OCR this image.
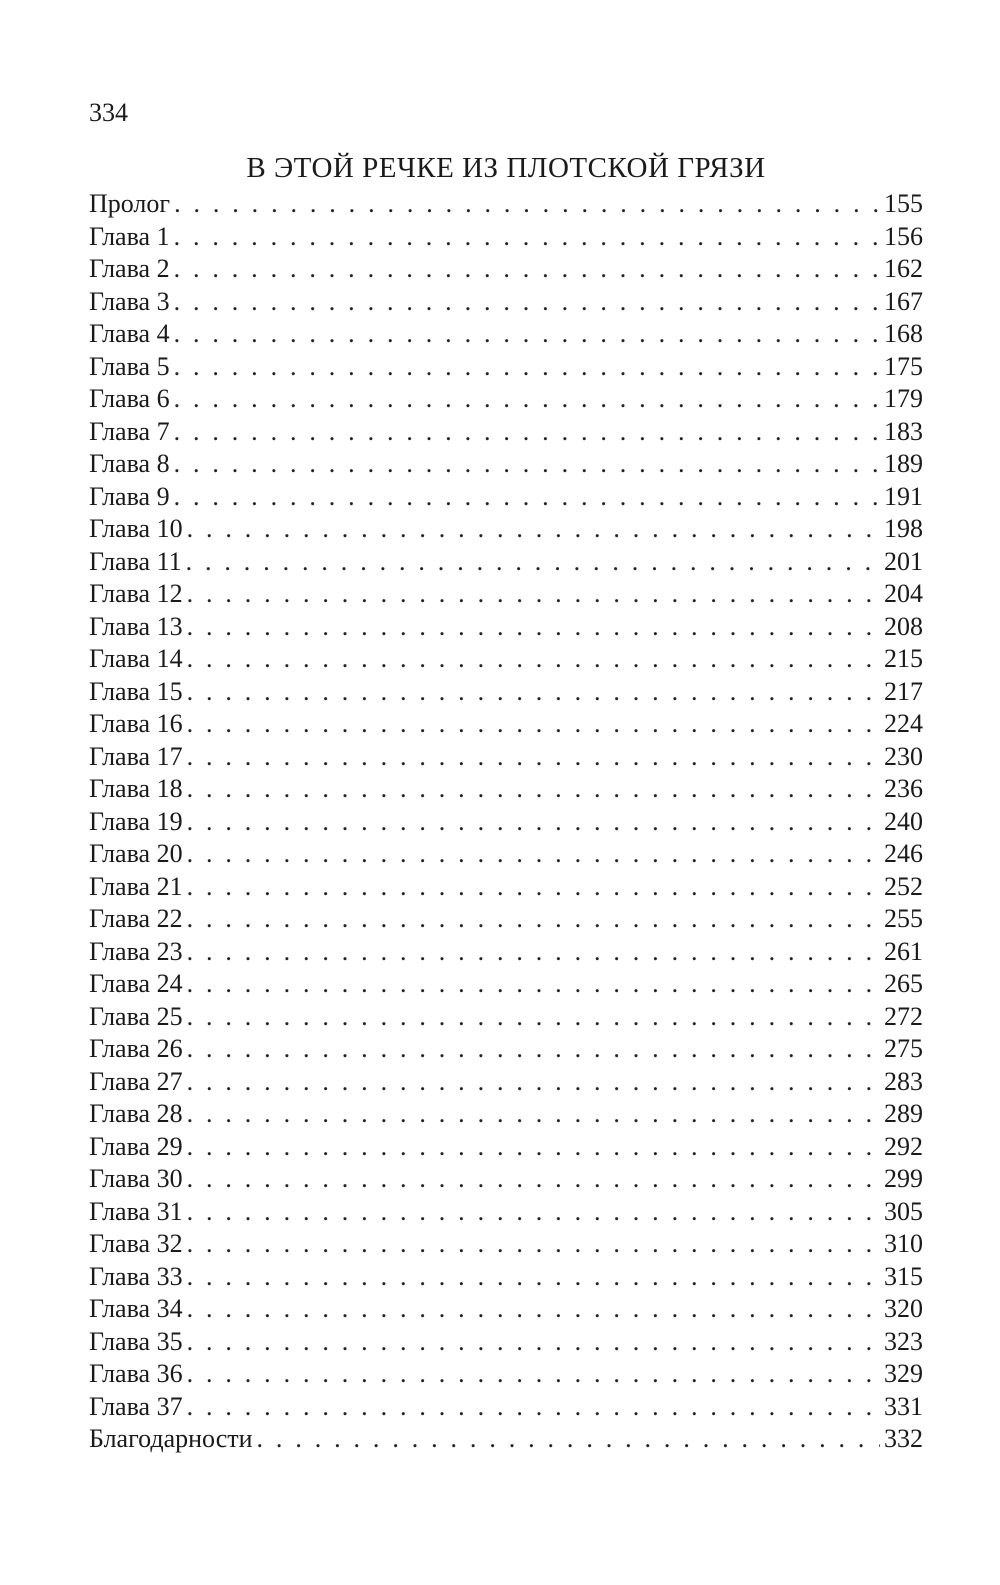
334
В ЭТОЙ РЕЧКЕ ИЗ ПЛОТСКОЙ ГРЯЗИ
Пролог . . .	155
Глава 1 . . .	156
Глава 2 . . .	162
Глава 3 . . .	167
Глава 4 . . .	168
Глава 5 . . .	175
Глава 6 . . .	179
Глава 7 . . .	183
Глава 8 . . .	189
Глава 9 . . .	191
Глава 10 . . .	198
Глава 11 . . .	201
Глава 12 . . .	204
Глава 13 . . .	208
Глава 14 . . .	215
Глава 15 . . .	217
Глава 16 . . .	224
Глава 17 . . .	230
Глава 18 . . .	236
Глава 19 . . .	240
Глава 20 . . .	246
Глава 21 . . .	252
Глава 22 . . .	255
Глава 23 . . .	261
Глава 24 . . .	265
Глава 25 . . .	272
Глава 26 . . .	275
Глава 27 . . .	283
Глава 28 . . .	289
Глава 29 . . .	292
Глава 30 . . .	299
Глава 31 . . .	305
Глава 32 . . .	310
Глава 33 . . .	315
Глава 34 . . .	320
Глава 35 . . .	323
Глава 36 . . .	329
Глава 37 . . .	331
Благодарности . . .	332
